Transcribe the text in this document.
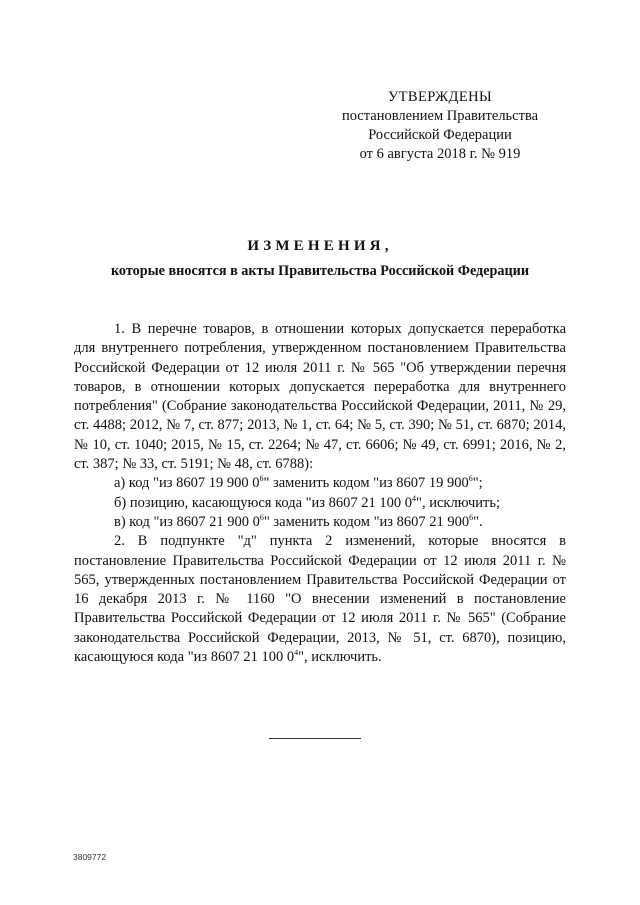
УТВЕРЖДЕНЫ
постановлением Правительства
Российской Федерации
от 6 августа 2018 г. № 919
ИЗМЕНЕНИЯ,
которые вносятся в акты Правительства Российской Федерации

1. В перечне товаров, в отношении которых допускается переработка для внутреннего потребления, утвержденном постановлением Правительства Российской Федерации от 12 июля 2011 г. № 565 "Об утверждении перечня товаров, в отношении которых допускается переработка для внутреннего потребления" (Собрание законодательства Российской Федерации, 2011, № 29, ст. 4488; 2012, № 7, ст. 877; 2013, № 1, ст. 64; № 5, ст. 390; № 51, ст. 6870; 2014, № 10, ст. 1040; 2015, № 15, ст. 2264; № 47, ст. 6606; № 49, ст. 6991; 2016, № 2, ст. 387; № 33, ст. 5191; № 48, ст. 6788):

а) код "из 8607 19 900 $0^6$" заменить кодом "из 8607 19 $900^6$";

б) позицию, касающуюся кода "из 8607 21 100 $0^4$", исключить;

в) код "из 8607 21 900 $0^6$" заменить кодом "из 8607 21 $900^6$".

2. В подпункте "д" пункта 2 изменений, которые вносятся в постановление Правительства Российской Федерации от 12 июля 2011 г. № 565, утвержденных постановлением Правительства Российской Федерации от 16 декабря 2013 г. № 1160 "О внесении изменений в постановление Правительства Российской Федерации от 12 июля 2011 г. № 565" (Собрание законодательства Российской Федерации, 2013, № 51, ст. 6870), позицию, касающуюся кода "из 8607 21 100 $0^4$", исключить.

3809772
